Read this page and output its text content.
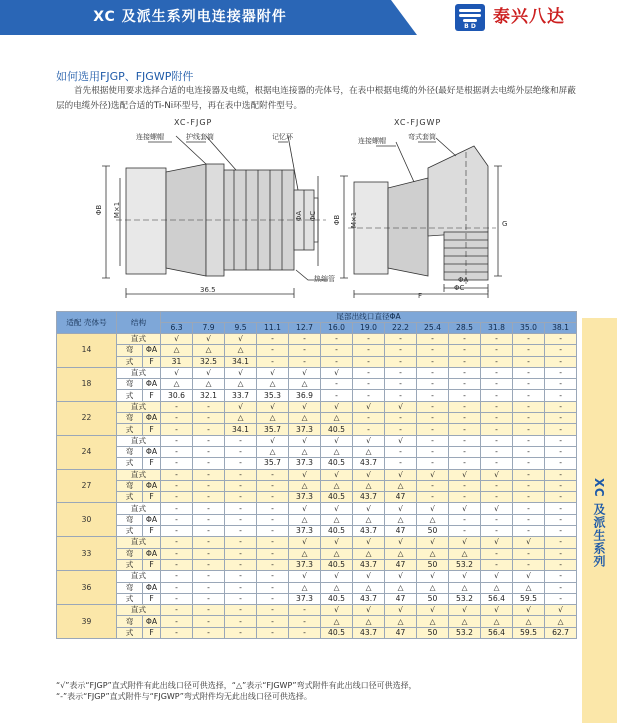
XC 及派生系列电连接器附件
B D	泰兴八达
如何选用FJGP、FJGWP附件

首先根据使用要求选择合适的电连接器及电缆，根据电连接器的壳体号，在表中根据电缆的外径(最好是根据剥去电缆外层绝缘和屏蔽层的电缆外径)选配合适的Ti-Ni环型号，再在表中选配附件型号。

XC-FJGP
连接螺帽	护线套筒	记忆环
热缩管
ΦB M×1	ΦA ΦC
36.5
XC-FJGWP
连接螺帽	弯式套筒
ΦB M×1	G
ΦA
ΦC
F
XC 及派生系列
适配 壳体号	结构		尾部出线口直径ΦA												
			6.3	7.9	9.5	11.1	12.7	16.0	19.0	22.2	25.4	28.5	31.8	35.0	38.1
14	直式		√	√	√	-	-	-	-	-	-	-	-	-	-
	弯	ΦA	△	△	△	-	-	-	-	-	-	-	-	-	-
	式	F	31	32.5	34.1	-	-	-	-	-	-	-	-	-	-
18	直式		√	√	√	√	√	√	-	-	-	-	-	-	-
	弯	ΦA	△	△	△	△	△	-	-	-	-	-	-	-	-
	式	F	30.6	32.1	33.7	35.3	36.9	-	-	-	-	-	-	-	-
22	直式		-	-	√	√	√	√	√	√	-	-	-	-	-
	弯	ΦA	-	-	△	△	△	△	-	-	-	-	-	-	-
	式	F	-	-	34.1	35.7	37.3	40.5	-	-	-	-	-	-	-
24	直式		-	-	-	√	√	√	√	√	-	-	-	-	-
	弯	ΦA	-	-	-	△	△	△	△	-	-	-	-	-	-
	式	F	-	-	-	35.7	37.3	40.5	43.7	-	-	-	-	-	-
27	直式		-	-	-	-	√	√	√	√	√	√	√	-	-
	弯	ΦA	-	-	-	-	△	△	△	△	-	-	-	-	-
	式	F	-	-	-	-	37.3	40.5	43.7	47	-	-	-	-	-
30	直式		-	-	-	-	√	√	√	√	√	√	√	-	-
	弯	ΦA	-	-	-	-	△	△	△	△	△	-	-	-	-
	式	F	-	-	-	-	37.3	40.5	43.7	47	50	-	-	-	-
33	直式		-	-	-	-	√	√	√	√	√	√	√	√	-
	弯	ΦA	-	-	-	-	△	△	△	△	△	△	-	-	-
	式	F	-	-	-	-	37.3	40.5	43.7	47	50	53.2	-	-	-
36	直式		-	-	-	-	√	√	√	√	√	√	√	√	-
	弯	ΦA	-	-	-	-	△	△	△	△	△	△	△	△	-
	式	F	-	-	-	-	37.3	40.5	43.7	47	50	53.2	56.4	59.5	-
39	直式		-	-	-	-	-	√	√	√	√	√	√	√	√
	弯	ΦA	-	-	-	-	-	△	△	△	△	△	△	△	△
	式	F	-	-	-	-	-	40.5	43.7	47	50	53.2	56.4	59.5	62.7
“√”表示“FJGP”直式附件有此出线口径可供选择，“△”表示“FJGWP”弯式附件有此出线口径可供选择，
“-”表示“FJGP”直式附件与“FJGWP”弯式附件均无此出线口径可供选择。
